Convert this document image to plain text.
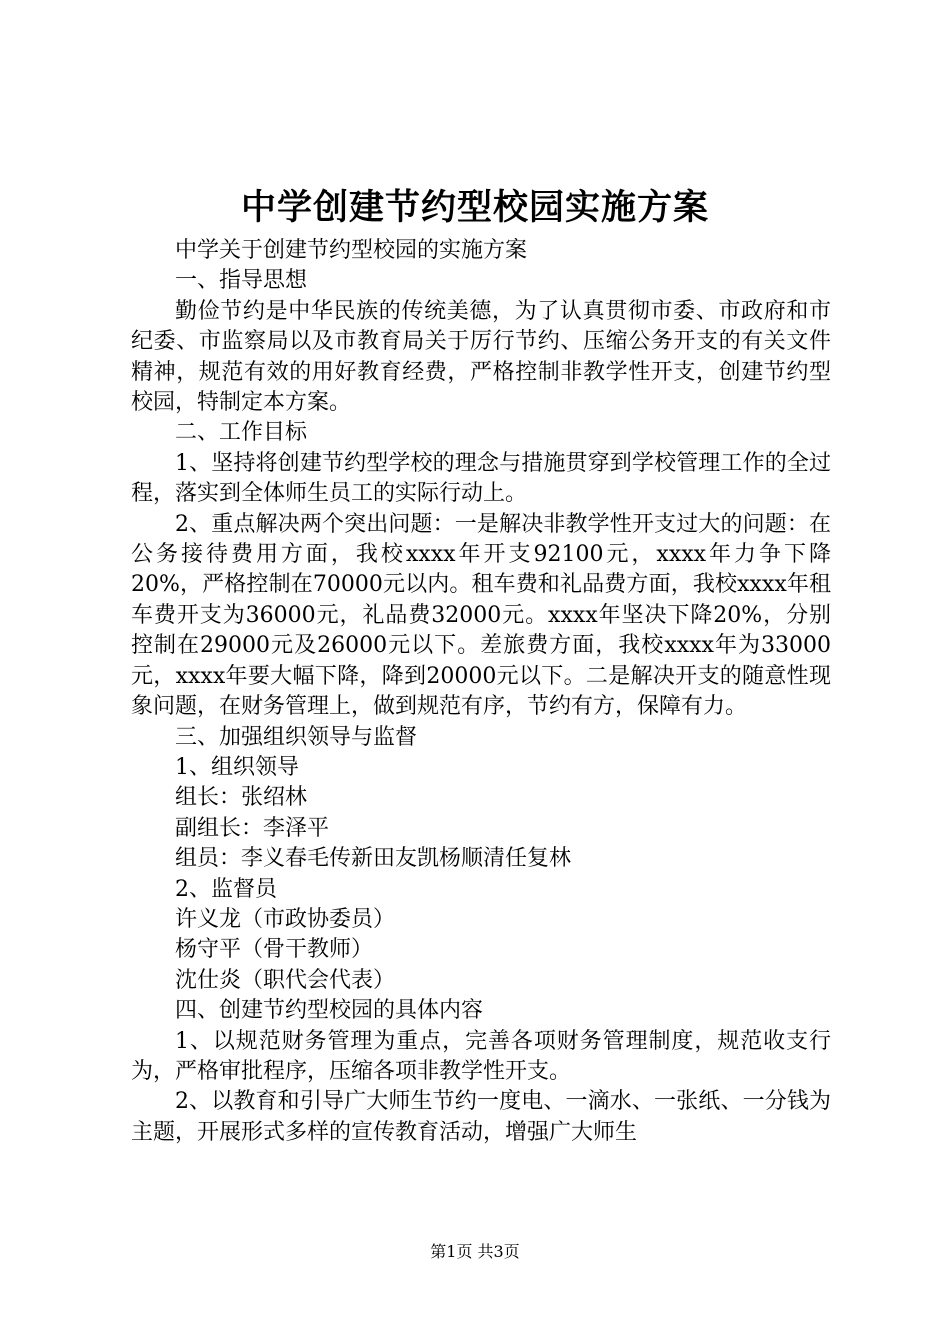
中学创建节约型校园实施方案

中学关于创建节约型校园的实施方案

一、指导思想

勤俭节约是中华民族的传统美德，为了认真贯彻市委、市政府和市纪委、市监察局以及市教育局关于厉行节约、压缩公务开支的有关文件精神，规范有效的用好教育经费，严格控制非教学性开支，创建节约型校园，特制定本方案。

二、工作目标

1、坚持将创建节约型学校的理念与措施贯穿到学校管理工作的全过程，落实到全体师生员工的实际行动上。

2、重点解决两个突出问题：一是解决非教学性开支过大的问题：在公务接待费用方面，我校xxxx年开支92100元，xxxx年力争下降20%，严格控制在70000元以内。租车费和礼品费方面，我校xxxx年租车费开支为36000元，礼品费32000元。xxxx年坚决下降20%，分别控制在29000元及26000元以下。差旅费方面，我校xxxx年为33000元，xxxx年要大幅下降，降到20000元以下。二是解决开支的随意性现象问题，在财务管理上，做到规范有序，节约有方，保障有力。

三、加强组织领导与监督

1、组织领导

组长：张绍林

副组长：李泽平

组员：李义春毛传新田友凯杨顺清任复林

2、监督员

许义龙（市政协委员）

杨守平（骨干教师）

沈仕炎（职代会代表）

四、创建节约型校园的具体内容

1、以规范财务管理为重点，完善各项财务管理制度，规范收支行为，严格审批程序，压缩各项非教学性开支。

2、以教育和引导广大师生节约一度电、一滴水、一张纸、一分钱为主题，开展形式多样的宣传教育活动，增强广大师生

第1页 共3页
